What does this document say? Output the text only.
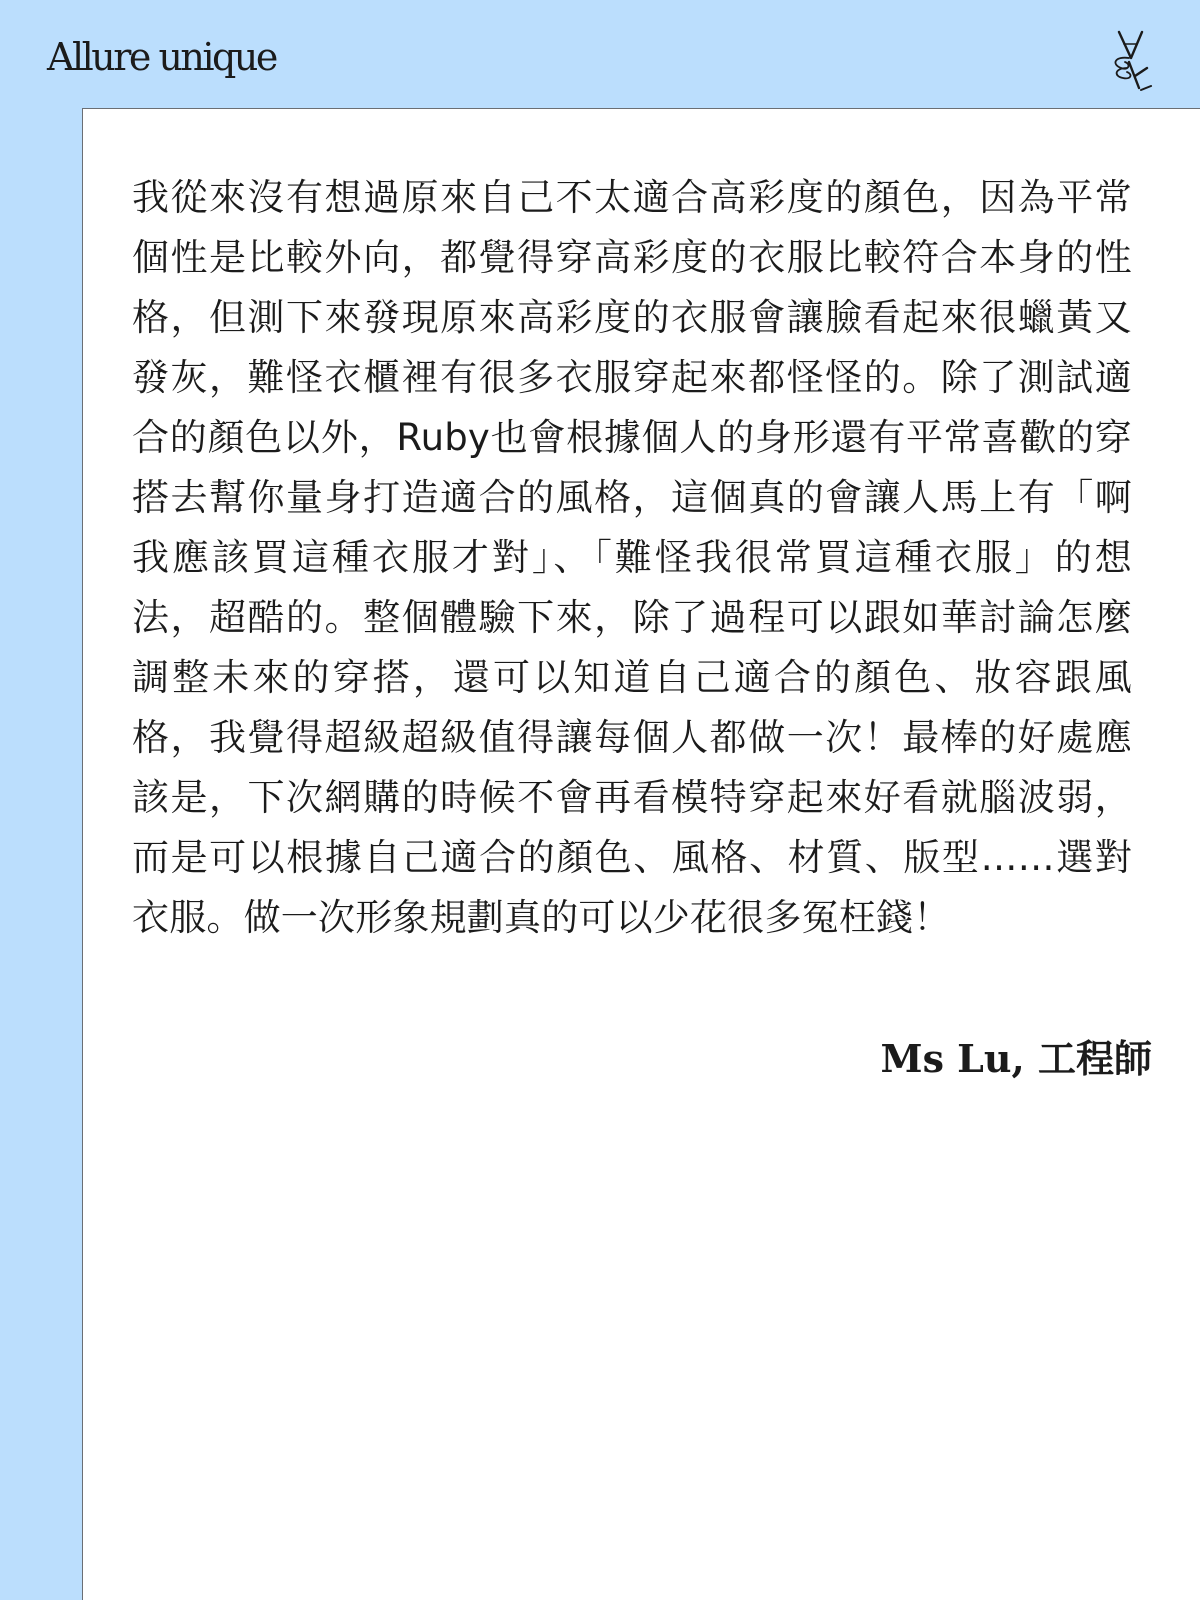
Allure unique

我從來沒有想過原來自己不太適合高彩度的顏色，因為平常個性是比較外向，都覺得穿高彩度的衣服比較符合本身的性格，但測下來發現原來高彩度的衣服會讓臉看起來很蠟黃又發灰，難怪衣櫃裡有很多衣服穿起來都怪怪的。除了測試適合的顏色以外，Ruby也會根據個人的身形還有平常喜歡的穿搭去幫你量身打造適合的風格，這個真的會讓人馬上有「啊我應該買這種衣服才對」、「難怪我很常買這種衣服」的想法，超酷的。整個體驗下來，除了過程可以跟如華討論怎麼調整未來的穿搭，還可以知道自己適合的顏色、妝容跟風格，我覺得超級超級值得讓每個人都做一次！最棒的好處應該是，下次網購的時候不會再看模特穿起來好看就腦波弱，而是可以根據自己適合的顏色、風格、材質、版型……選對衣服。做一次形象規劃真的可以少花很多冤枉錢！

Ms Lu, 工程師
